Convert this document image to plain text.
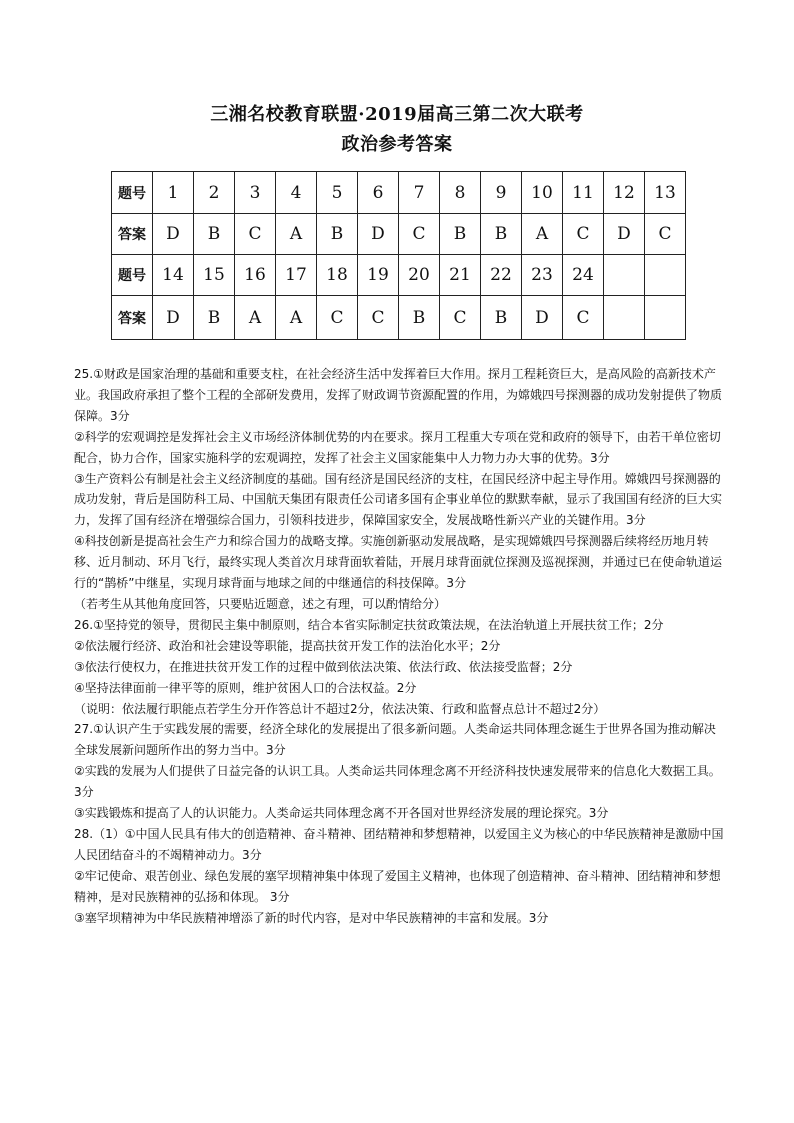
三湘名校教育联盟·2019届高三第二次大联考
政治参考答案
题号	1	2	3	4	5	6	7	8	9	10	11	12	13
答案	D	B	C	A	B	D	C	B	B	A	C	D	C
题号	14	15	16	17	18	19	20	21	22	23	24		
答案	D	B	A	A	C	C	B	C	B	D	C		

25.①财政是国家治理的基础和重要支柱，在社会经济生活中发挥着巨大作用。探月工程耗资巨大，是高风险的高新技术产业。我国政府承担了整个工程的全部研发费用，发挥了财政调节资源配置的作用，为嫦娥四号探测器的成功发射提供了物质保障。3分

②科学的宏观调控是发挥社会主义市场经济体制优势的内在要求。探月工程重大专项在党和政府的领导下，由若干单位密切配合，协力合作，国家实施科学的宏观调控，发挥了社会主义国家能集中人力物力办大事的优势。3分

③生产资料公有制是社会主义经济制度的基础。国有经济是国民经济的支柱，在国民经济中起主导作用。嫦娥四号探测器的成功发射，背后是国防科工局、中国航天集团有限责任公司诸多国有企事业单位的默默奉献，显示了我国国有经济的巨大实力，发挥了国有经济在增强综合国力，引领科技进步，保障国家安全，发展战略性新兴产业的关键作用。3分

④科技创新是提高社会生产力和综合国力的战略支撑。实施创新驱动发展战略，是实现嫦娥四号探测器后续将经历地月转移、近月制动、环月飞行，最终实现人类首次月球背面软着陆，开展月球背面就位探测及巡视探测，并通过已在使命轨道运行的“鹊桥”中继星，实现月球背面与地球之间的中继通信的科技保障。3分

（若考生从其他角度回答，只要贴近题意，述之有理，可以酌情给分）

26.①坚持党的领导，贯彻民主集中制原则，结合本省实际制定扶贫政策法规，在法治轨道上开展扶贫工作；2分

②依法履行经济、政治和社会建设等职能，提高扶贫开发工作的法治化水平；2分

③依法行使权力，在推进扶贫开发工作的过程中做到依法决策、依法行政、依法接受监督；2分

④坚持法律面前一律平等的原则，维护贫困人口的合法权益。2分

（说明：依法履行职能点若学生分开作答总计不超过2分，依法决策、行政和监督点总计不超过2分）

27.①认识产生于实践发展的需要，经济全球化的发展提出了很多新问题。人类命运共同体理念诞生于世界各国为推动解决全球发展新问题所作出的努力当中。3分

②实践的发展为人们提供了日益完备的认识工具。人类命运共同体理念离不开经济科技快速发展带来的信息化大数据工具。3分

③实践锻炼和提高了人的认识能力。人类命运共同体理念离不开各国对世界经济发展的理论探究。3分

28.（1）①中国人民具有伟大的创造精神、奋斗精神、团结精神和梦想精神，以爱国主义为核心的中华民族精神是激励中国人民团结奋斗的不竭精神动力。3分

②牢记使命、艰苦创业、绿色发展的塞罕坝精神集中体现了爱国主义精神，也体现了创造精神、奋斗精神、团结精神和梦想精神，是对民族精神的弘扬和体现。 3分

③塞罕坝精神为中华民族精神增添了新的时代内容，是对中华民族精神的丰富和发展。3分
